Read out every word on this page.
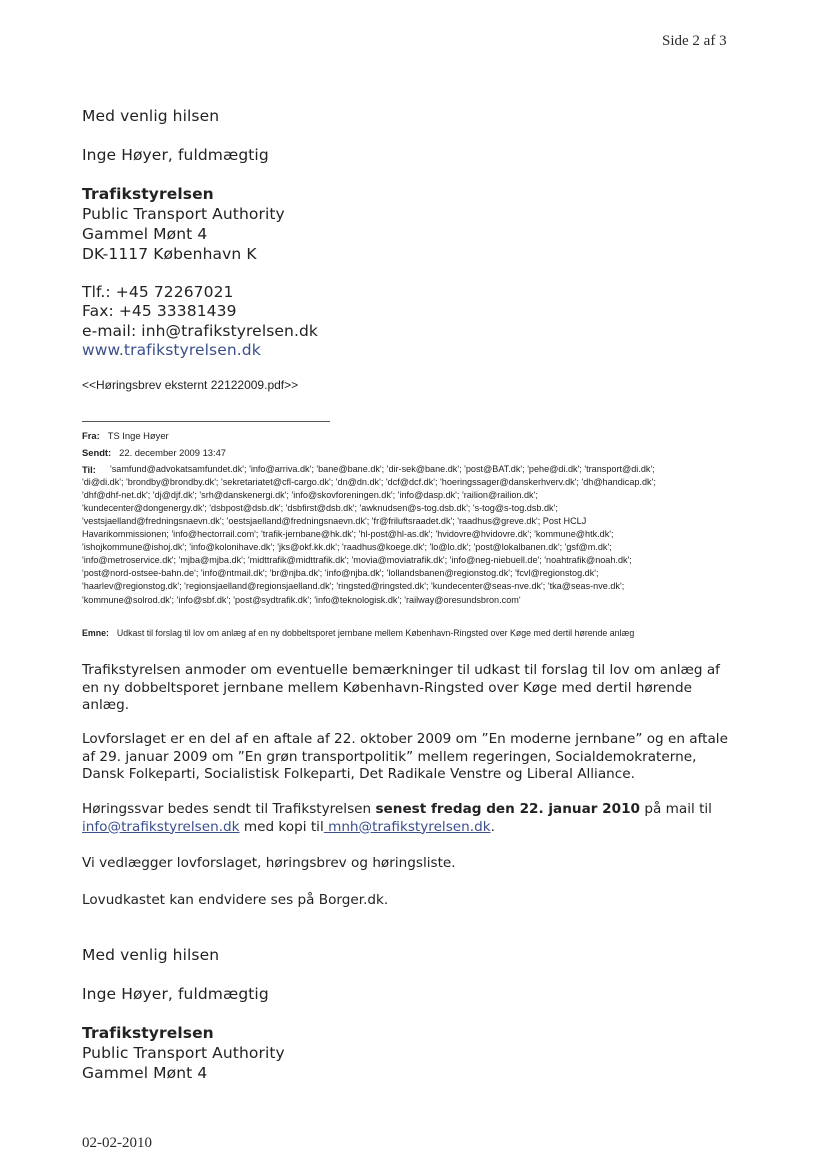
Side 2 af 3
Med venlig hilsen
Inge Høyer, fuldmægtig
Trafikstyrelsen
Public Transport Authority
Gammel Mønt 4
DK-1117 København K
Tlf.: +45 72267021
Fax: +45 33381439
e-mail: inh@trafikstyrelsen.dk
www.trafikstyrelsen.dk
<<Høringsbrev eksternt 22122009.pdf>>
Fra: TS Inge Høyer
Sendt: 22. december 2009 13:47
Til:	'samfund@advokatsamfundet.dk'; 'info@arriva.dk'; 'bane@bane.dk'; 'dir-sek@bane.dk'; 'post@BAT.dk'; 'pehe@di.dk'; 'transport@di.dk';
'di@di.dk'; 'brondby@brondby.dk'; 'sekretariatet@cfl-cargo.dk'; 'dn@dn.dk'; 'dcf@dcf.dk'; 'hoeringssager@danskerhverv.dk'; 'dh@handicap.dk';
'dhf@dhf-net.dk'; 'dj@djf.dk'; 'srh@danskenergi.dk'; 'info@skovforeningen.dk'; 'info@dasp.dk'; 'railion@railion.dk';
'kundecenter@dongenergy.dk'; 'dsbpost@dsb.dk'; 'dsbfirst@dsb.dk'; 'awknudsen@s-tog.dsb.dk'; 's-tog@s-tog.dsb.dk';
'vestsjaelland@fredningsnaevn.dk'; 'oestsjaelland@fredningsnaevn.dk'; 'fr@friluftsraadet.dk'; 'raadhus@greve.dk'; Post HCLJ
Havarikommissionen; 'info@hectorrail.com'; 'trafik-jernbane@hk.dk'; 'hl-post@hl-as.dk'; 'hvidovre@hvidovre.dk'; 'kommune@htk.dk';
'ishojkommune@ishoj.dk'; 'info@kolonihave.dk'; 'jks@okf.kk.dk'; 'raadhus@koege.dk'; 'lo@lo.dk'; 'post@lokalbanen.dk'; 'gsf@m.dk';
'info@metroservice.dk'; 'mjba@mjba.dk'; 'midttrafik@midttrafik.dk'; 'movia@moviatrafik.dk'; 'info@neg-niebuell.de'; 'noahtrafik@noah.dk';
'post@nord-ostsee-bahn.de'; 'info@ntmail.dk'; 'br@njba.dk'; 'info@njba.dk'; 'lollandsbanen@regionstog.dk'; 'fcvl@regionstog.dk';
'haarlev@regionstog.dk'; 'regionsjaelland@regionsjaelland.dk'; 'ringsted@ringsted.dk'; 'kundecenter@seas-nve.dk'; 'tka@seas-nve.dk';
'kommune@solrod.dk'; 'info@sbf.dk'; 'post@sydtrafik.dk'; 'info@teknologisk.dk'; 'railway@oresundsbron.com'
Emne: Udkast til forslag til lov om anlæg af en ny dobbeltsporet jernbane mellem København-Ringsted over Køge med dertil hørende anlæg
Trafikstyrelsen anmoder om eventuelle bemærkninger til udkast til forslag til lov om anlæg af en ny dobbeltsporet jernbane mellem København-Ringsted over Køge med dertil hørende anlæg.
Lovforslaget er en del af en aftale af 22. oktober 2009 om ”En moderne jernbane” og en aftale af 29. januar 2009 om ”En grøn transportpolitik” mellem regeringen, Socialdemokraterne, Dansk Folkeparti, Socialistisk Folkeparti, Det Radikale Venstre og Liberal Alliance.
Høringssvar bedes sendt til Trafikstyrelsen senest fredag den 22. januar 2010 på mail til
info@trafikstyrelsen.dk med kopi til mnh@trafikstyrelsen.dk.
Vi vedlægger lovforslaget, høringsbrev og høringsliste.
Lovudkastet kan endvidere ses på Borger.dk.
Med venlig hilsen
Inge Høyer, fuldmægtig
Trafikstyrelsen
Public Transport Authority
Gammel Mønt 4
02-02-2010
